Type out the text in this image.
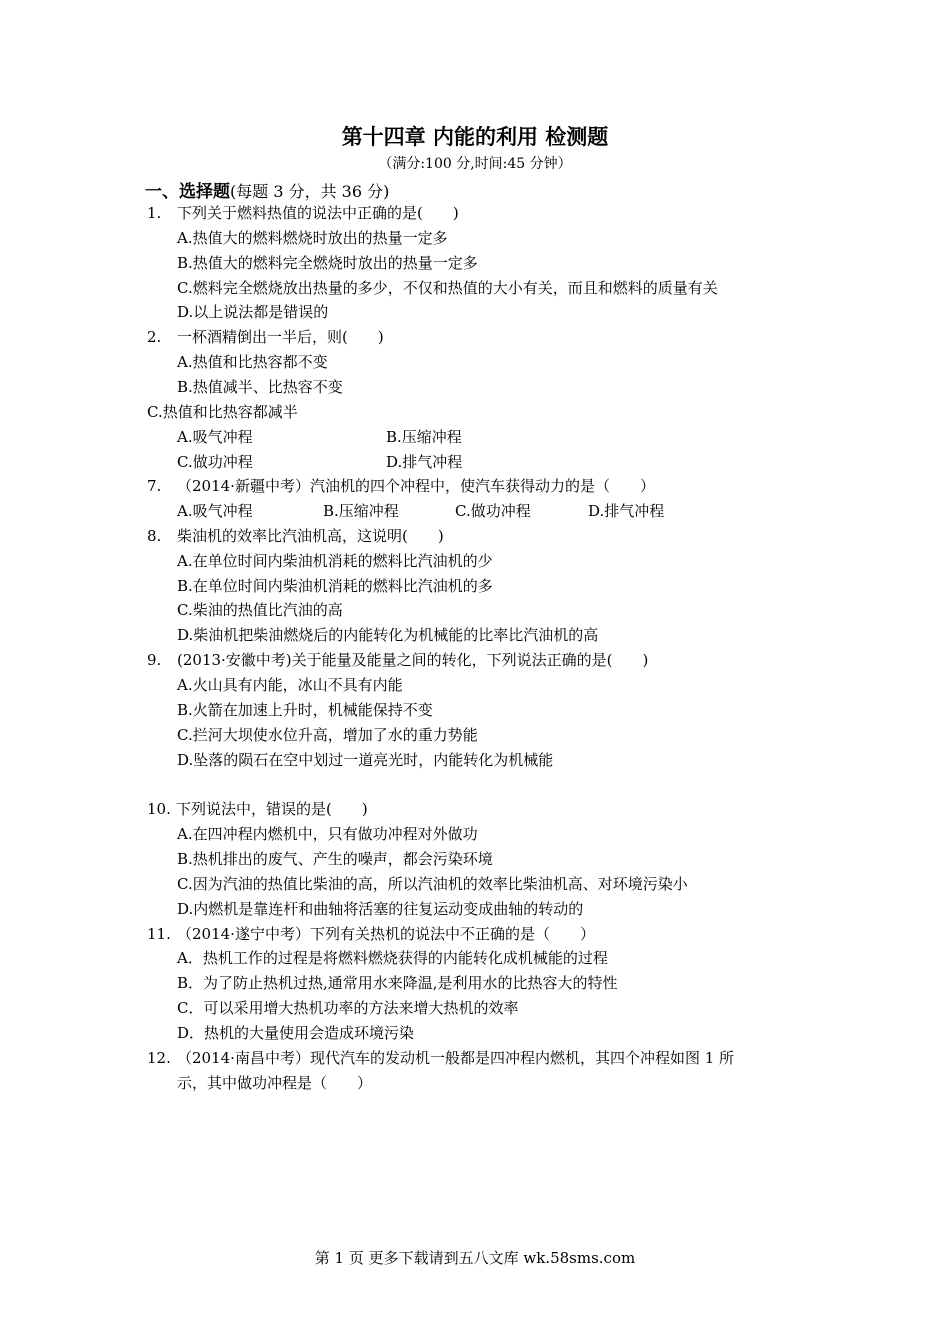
第十四章 内能的利用 检测题
（满分:100 分,时间:45 分钟）
一、选择题(每题 3 分，共 36 分)
1. 下列关于燃料热值的说法中正确的是(　　)
A.热值大的燃料燃烧时放出的热量一定多
B.热值大的燃料完全燃烧时放出的热量一定多
C.燃料完全燃烧放出热量的多少，不仅和热值的大小有关，而且和燃料的质量有关
D.以上说法都是错误的
2. 一杯酒精倒出一半后，则(　　)
A.热值和比热容都不变
B.热值减半、比热容不变
C.热值和比热容都减半
A.吸气冲程	B.压缩冲程
C.做功冲程	D.排气冲程
7. （2014·新疆中考）汽油机的四个冲程中，使汽车获得动力的是（　　）
A.吸气冲程	B.压缩冲程	C.做功冲程	D.排气冲程
8. 柴油机的效率比汽油机高，这说明(　　)
A.在单位时间内柴油机消耗的燃料比汽油机的少
B.在单位时间内柴油机消耗的燃料比汽油机的多
C.柴油的热值比汽油的高
D.柴油机把柴油燃烧后的内能转化为机械能的比率比汽油机的高
9. (2013·安徽中考)关于能量及能量之间的转化，下列说法正确的是(　　)
A.火山具有内能，冰山不具有内能
B.火箭在加速上升时，机械能保持不变
C.拦河大坝使水位升高，增加了水的重力势能
D.坠落的陨石在空中划过一道亮光时，内能转化为机械能
10. 下列说法中，错误的是(　　)
A.在四冲程内燃机中，只有做功冲程对外做功
B.热机排出的废气、产生的噪声，都会污染环境
C.因为汽油的热值比柴油的高，所以汽油机的效率比柴油机高、对环境污染小
D.内燃机是靠连杆和曲轴将活塞的往复运动变成曲轴的转动的
11. （2014·遂宁中考）下列有关热机的说法中不正确的是（　　）
A．热机工作的过程是将燃料燃烧获得的内能转化成机械能的过程
B．为了防止热机过热,通常用水来降温,是利用水的比热容大的特性
C．可以采用增大热机功率的方法来增大热机的效率
D．热机的大量使用会造成环境污染
12. （2014·南昌中考）现代汽车的发动机一般都是四冲程内燃机，其四个冲程如图 1 所
示，其中做功冲程是（　　）
第 1 页 更多下载请到五八文库 wk.58sms.com
